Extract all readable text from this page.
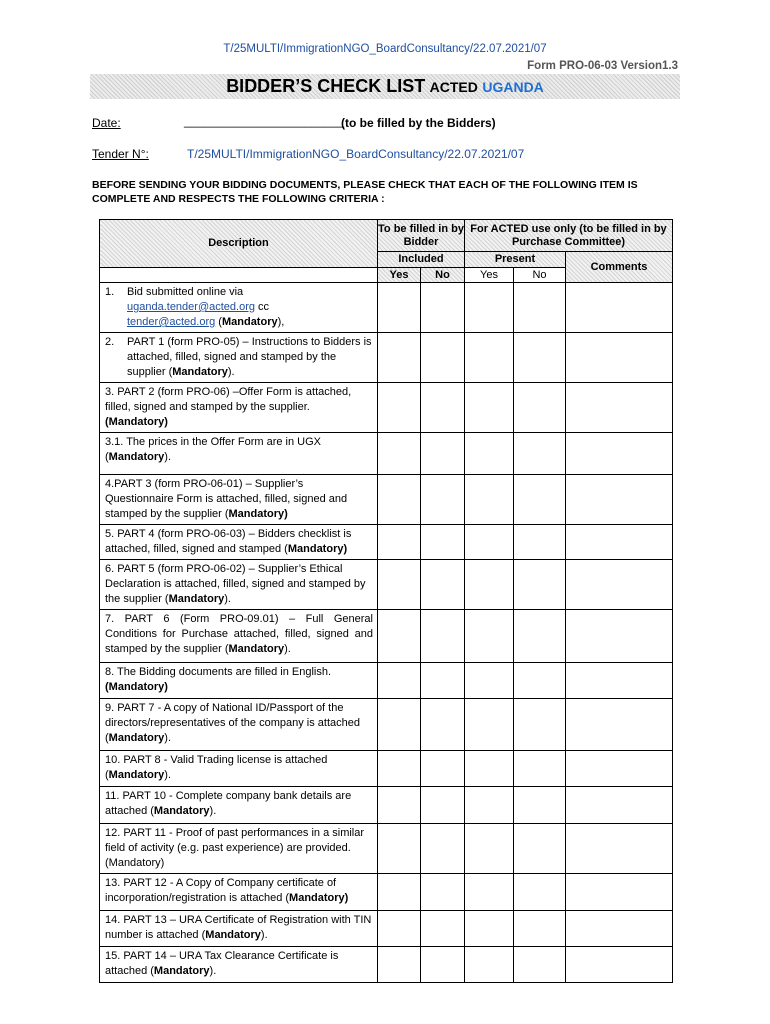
T/25MULTI/ImmigrationNGO_BoardConsultancy/22.07.2021/07
Form PRO-06-03 Version1.3
BIDDER’S CHECK LIST ACTED UGANDA
Date:	________________________
(to be filled by the Bidders)
Tender N°:	T/25MULTI/ImmigrationNGO_BoardConsultancy/22.07.2021/07
BEFORE SENDING YOUR BIDDING DOCUMENTS, PLEASE CHECK THAT EACH OF THE FOLLOWING ITEM IS COMPLETE AND RESPECTS THE FOLLOWING CRITERIA :
Description	To be filled in by Bidder		For ACTED use only (to be filled in by Purchase Committee)		
	Included		Present		Comments
	Yes	No	Yes	No	
1. Bid submitted online via
uganda.tender@acted.org cc
tender@acted.org (Mandatory),					
2. PART 1 (form PRO-05) – Instructions to Bidders is attached, filled, signed and stamped by the supplier (Mandatory).					
3. PART 2 (form PRO-06) –Offer Form is attached, filled, signed and stamped by the supplier. (Mandatory)					
3.1. The prices in the Offer Form are in UGX (Mandatory).					
4.PART 3 (form PRO-06-01) – Supplier’s Questionnaire Form is attached, filled, signed and stamped by the supplier (Mandatory)					
5. PART 4 (form PRO-06-03) – Bidders checklist is attached, filled, signed and stamped (Mandatory)					
6. PART 5 (form PRO-06-02) – Supplier’s Ethical Declaration is attached, filled, signed and stamped by the supplier (Mandatory).					
7. PART 6 (Form PRO-09.01) – Full General Conditions for Purchase attached, filled, signed and stamped by the supplier (Mandatory).					
8. The Bidding documents are filled in English.
(Mandatory)					
9. PART 7 - A copy of National ID/Passport of the directors/representatives of the company is attached (Mandatory).					
10. PART 8 - Valid Trading license is attached (Mandatory).					
11. PART 10 - Complete company bank details are attached (Mandatory).					
12. PART 11 - Proof of past performances in a similar field of activity (e.g. past experience) are provided. (Mandatory)					
13. PART 12 - A Copy of Company certificate of incorporation/registration is attached (Mandatory)					
14. PART 13 – URA Certificate of Registration with TIN number is attached (Mandatory).					
15. PART 14 – URA Tax Clearance Certificate is attached (Mandatory).					
